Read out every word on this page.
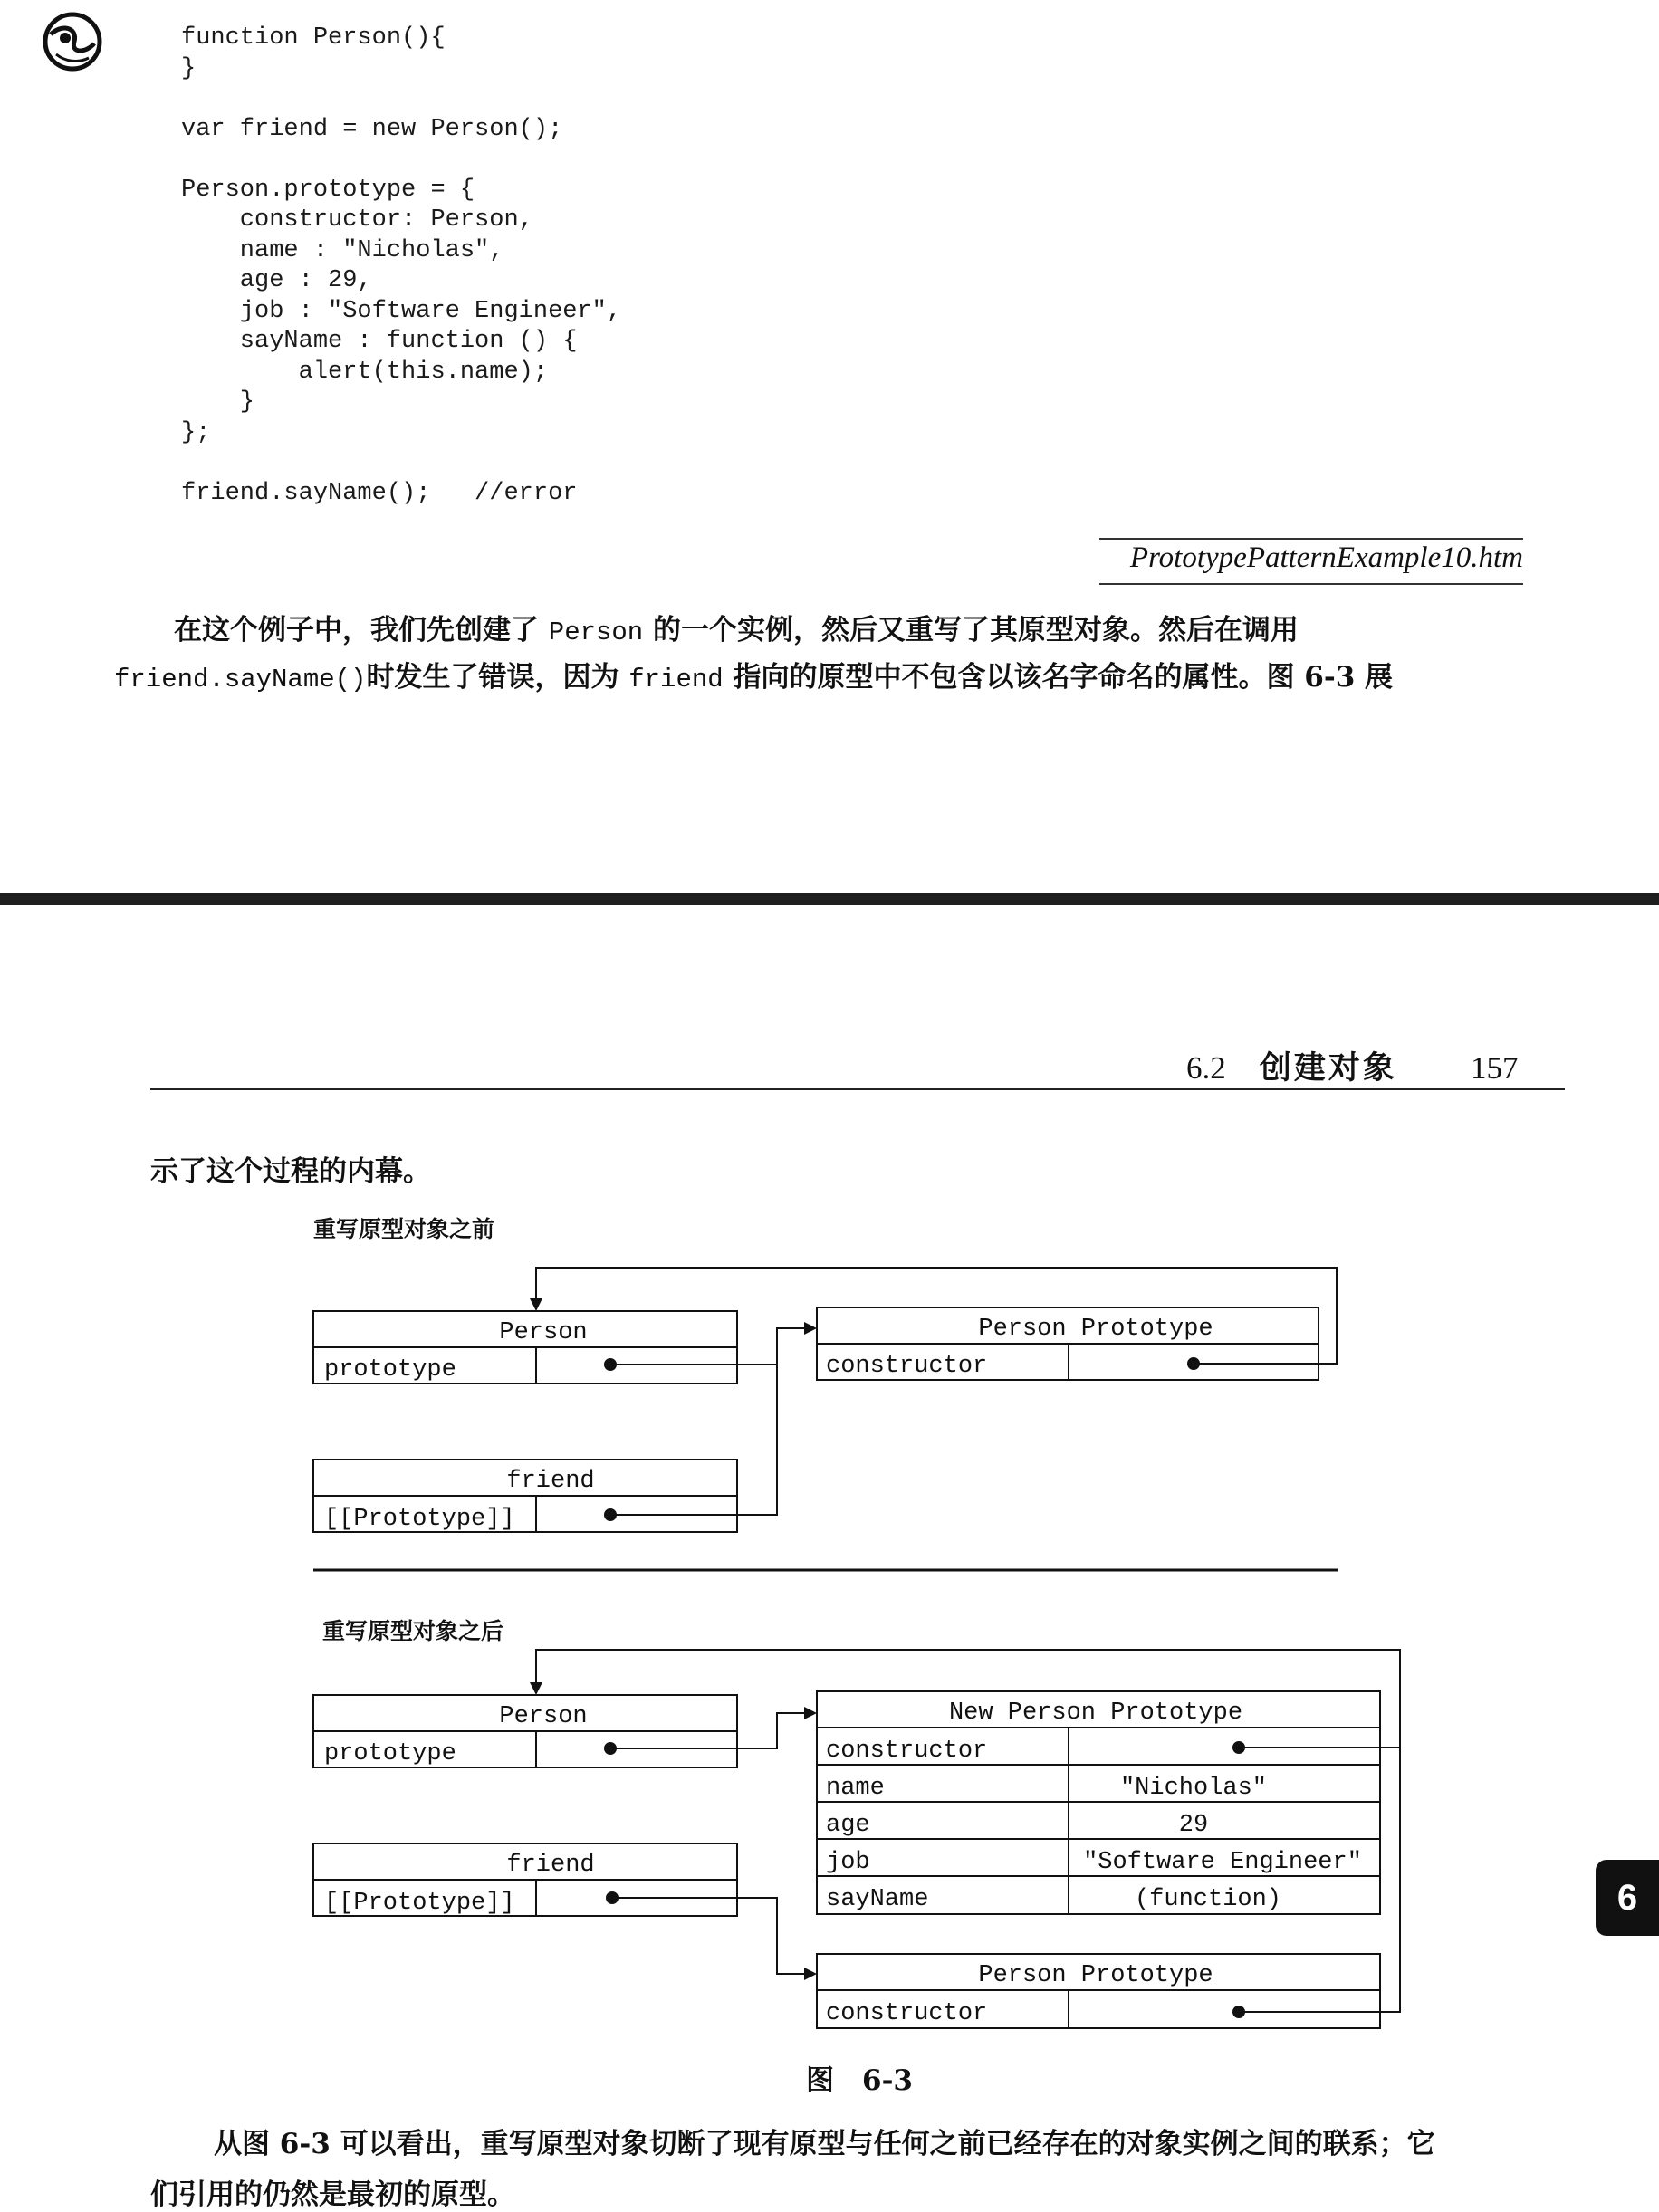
function Person(){
}

var friend = new Person();

Person.prototype = {
constructor: Person,
name : "Nicholas",
age : 29,
job : "Software Engineer",
sayName : function () {
alert(this.name);
}
};

friend.sayName();   //error
PrototypePatternExample10.htm
在这个例子中，我们先创建了 Person 的一个实例，然后又重写了其原型对象。然后在调用
friend.sayName()时发生了错误，因为 friend 指向的原型中不包含以该名字命名的属性。图 6-3 展
6.2 创建对象 157
示了这个过程的内幕。
重写原型对象之前
重写原型对象之后
Person
prototype
friend
[[Prototype]]
Person Prototype
constructor
Person
prototype
friend
[[Prototype]]
New Person Prototype
constructor
name	"Nicholas"
age	29
job	"Software Engineer"
sayName	(function)
Person Prototype
constructor
图　6-3
从图 6-3 可以看出，重写原型对象切断了现有原型与任何之前已经存在的对象实例之间的联系；它
们引用的仍然是最初的原型。
6
